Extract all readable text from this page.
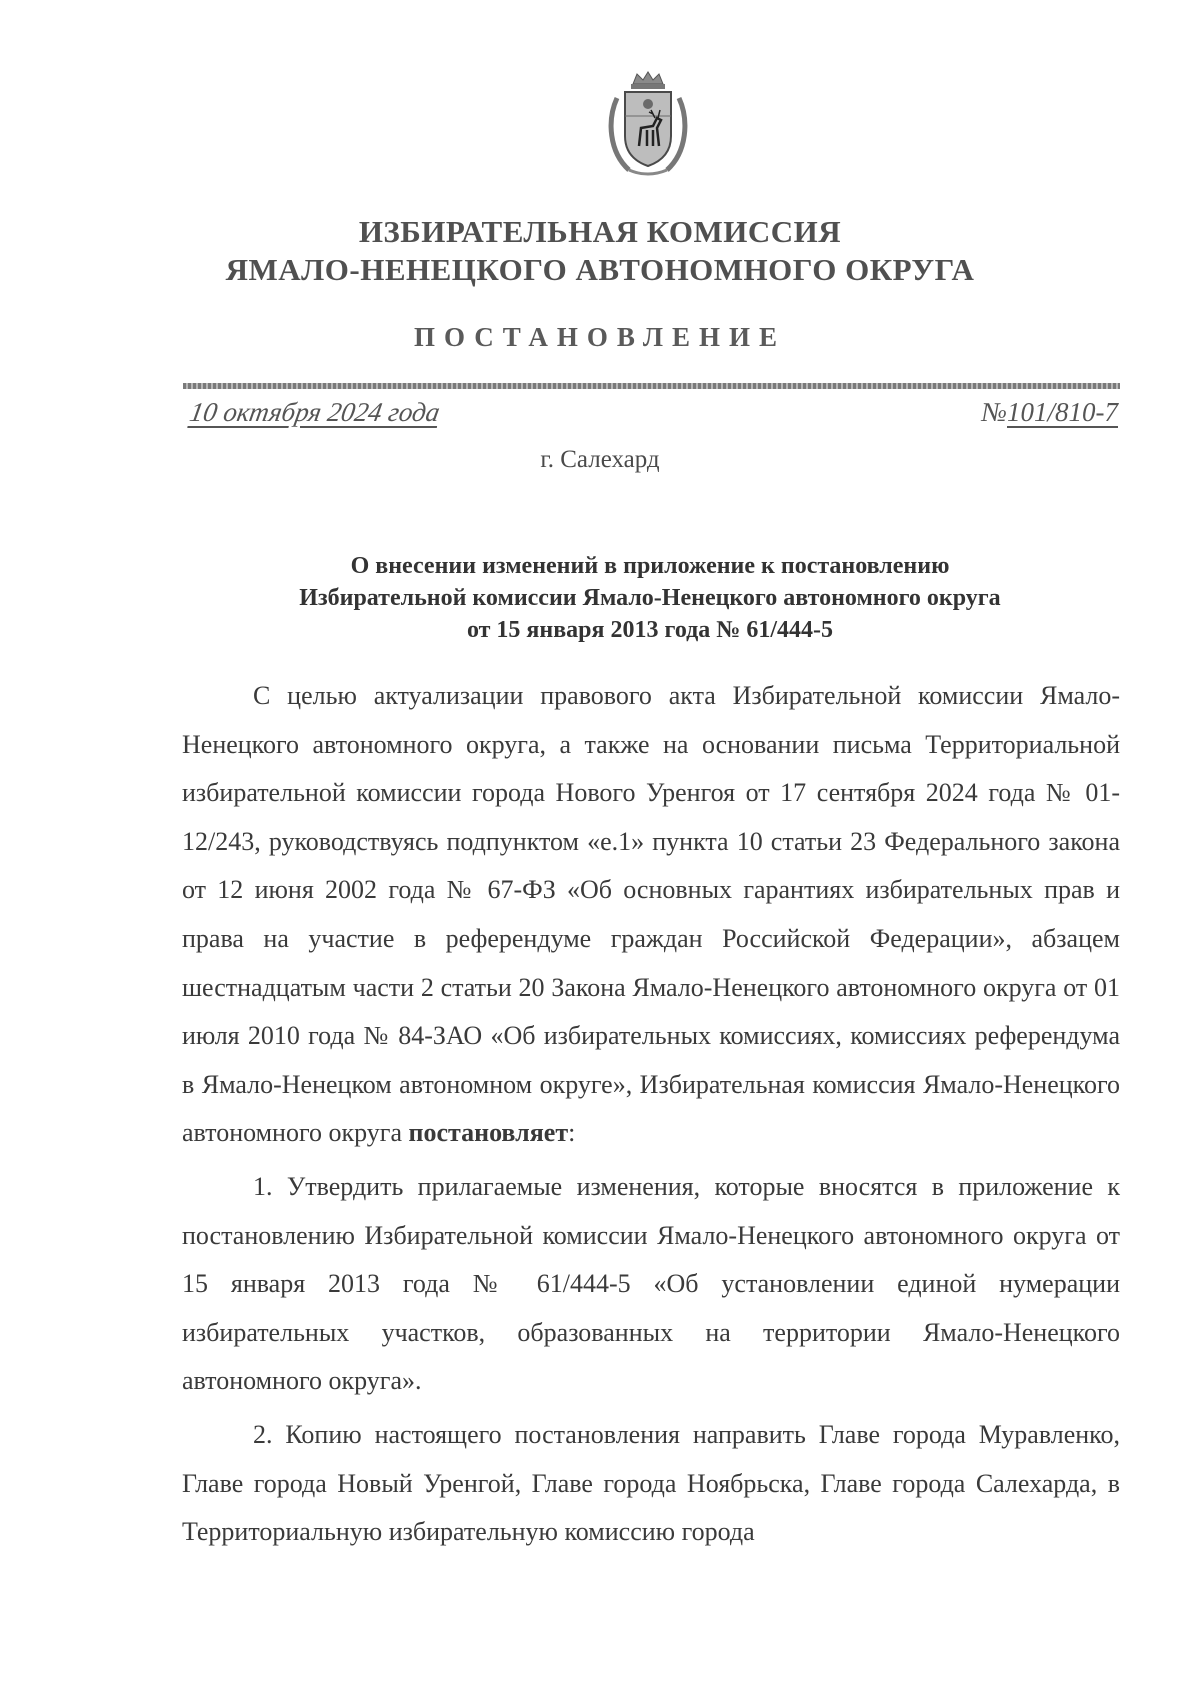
ИЗБИРАТЕЛЬНАЯ КОМИССИЯ
ЯМАЛО-НЕНЕЦКОГО АВТОНОМНОГО ОКРУГА
ПОСТАНОВЛЕНИЕ
10 октября 2024 года	№101/810-7
г. Салехард
О внесении изменений в приложение к постановлению
Избирательной комиссии Ямало-Ненецкого автономного округа
от 15 января 2013 года № 61/444-5

С целью актуализации правового акта Избирательной комиссии Ямало-Ненецкого автономного округа, а также на основании письма Территориальной избирательной комиссии города Нового Уренгоя от 17 сентября 2024 года № 01-12/243, руководствуясь подпунктом «е.1» пункта 10 статьи 23 Федерального закона от 12 июня 2002 года № 67-ФЗ «Об основных гарантиях избирательных прав и права на участие в референдуме граждан Российской Федерации», абзацем шестнадцатым части 2 статьи 20 Закона Ямало-Ненецкого автономного округа от 01 июля 2010 года № 84-ЗАО «Об избирательных комиссиях, комиссиях референдума в Ямало-Ненецком автономном округе», Избирательная комиссия Ямало-Ненецкого автономного округа постановляет:

1. Утвердить прилагаемые изменения, которые вносятся в приложение к постановлению Избирательной комиссии Ямало-Ненецкого автономного округа от 15 января 2013 года № 61/444-5 «Об установлении единой нумерации избирательных участков, образованных на территории Ямало-Ненецкого автономного округа».

2. Копию настоящего постановления направить Главе города Муравленко, Главе города Новый Уренгой, Главе города Ноябрьска, Главе города Салехарда, в Территориальную избирательную комиссию города
